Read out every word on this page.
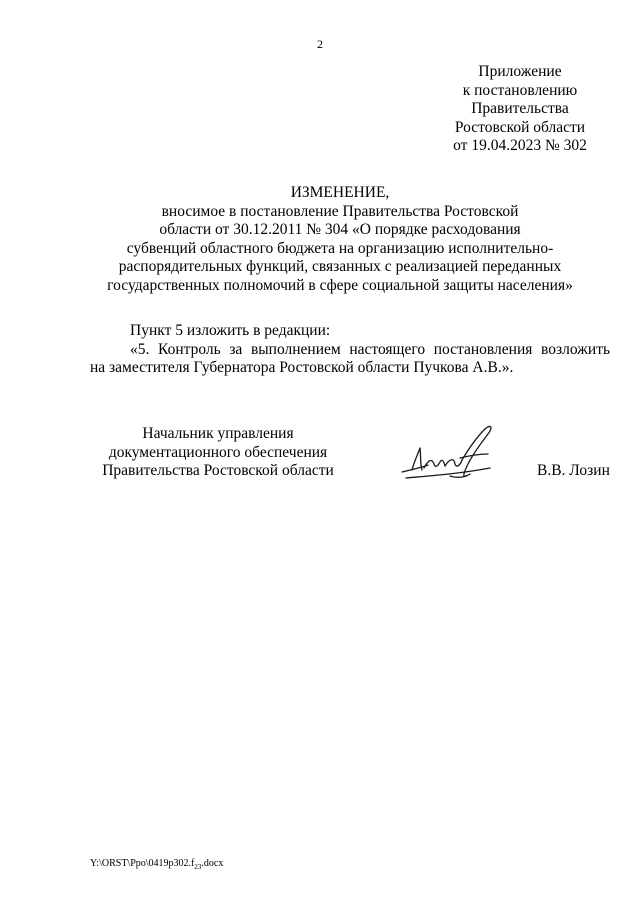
2
Приложение
к постановлению
Правительства
Ростовской области
от 19.04.2023 № 302
ИЗМЕНЕНИЕ,
вносимое в постановление Правительства Ростовской
области от 30.12.2011 № 304 «О порядке расходования
субвенций областного бюджета на организацию исполнительно-
распорядительных функций, связанных с реализацией переданных
государственных полномочий в сфере социальной защиты населения»
Пункт 5 изложить в редакции:
«5. Контроль за выполнением настоящего постановления возложить
на заместителя Губернатора Ростовской области Пучкова А.В.».
Начальник управления
документационного обеспечения
Правительства Ростовской области	В.В. Лозин
$Y:\backslash ORST\backslash Ppo\backslash 0419p302.f_{23}.docx$
